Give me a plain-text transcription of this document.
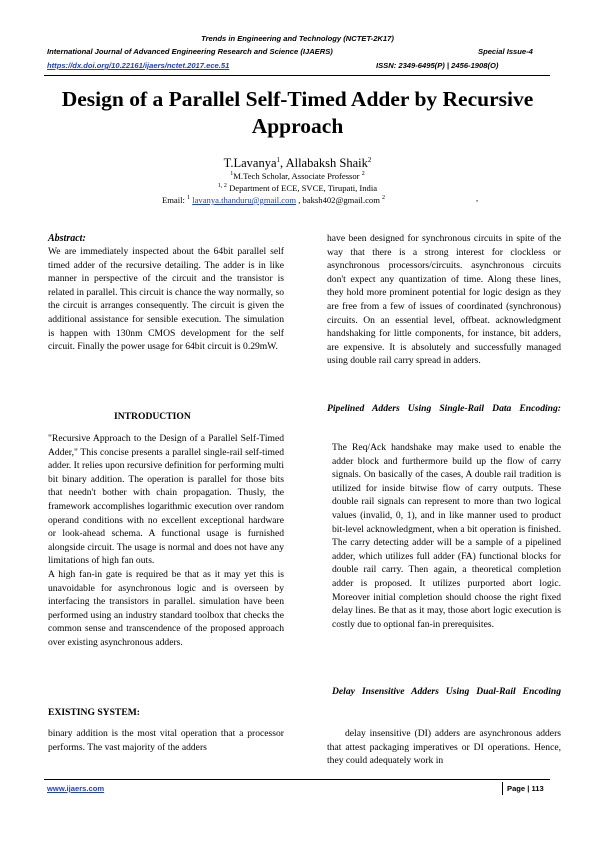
Trends in Engineering and Technology (NCTET-2K17)
International Journal of Advanced Engineering Research and Science (IJAERS)	Special Issue-4
https://dx.doi.org/10.22161/ijaers/nctet.2017.ece.51	ISSN: 2349-6495(P) | 2456-1908(O)
Design of a Parallel Self-Timed Adder by Recursive Approach
T.Lavanya$^1$, Allabaksh Shaik$^2$
$^1$M.Tech Scholar, Associate Professor $^2$
$^{1, 2}$ Department of ECE, SVCE, Tirupati, India
Email: $^1$ lavanya.thanduru@gmail.com , baksh402@gmail.com $^2$	,
Abstract:

We are immediately inspected about the 64bit parallel self timed adder of the recursive detailing. The adder is in like manner in perspective of the circuit and the transistor is related in parallel. This circuit is chance the way normally, so the circuit is arranges consequently. The circuit is given the additional assistance for sensible execution. The simulation is happen with 130nm CMOS development for the self circuit. Finally the power usage for 64bit circuit is 0.29mW.

INTRODUCTION

"Recursive Approach to the Design of a Parallel Self-Timed Adder," This concise presents a parallel single-rail self-timed adder. It relies upon recursive definition for performing multi bit binary addition. The operation is parallel for those bits that needn't bother with chain propagation. Thusly, the framework accomplishes logarithmic execution over random operand conditions with no excellent exceptional hardware or look-ahead schema. A functional usage is furnished alongside circuit. The usage is normal and does not have any limitations of high fan outs.

A high fan-in gate is required be that as it may yet this is unavoidable for asynchronous logic and is overseen by interfacing the transistors in parallel. simulation have been performed using an industry standard toolbox that checks the common sense and transcendence of the proposed approach over existing asynchronous adders.

EXISTING SYSTEM:

binary addition is the most vital operation that a processor performs. The vast majority of the adders

have been designed for synchronous circuits in spite of the way that there is a strong interest for clockless or asynchronous processors/circuits. asynchronous circuits don't expect any quantization of time. Along these lines, they hold more prominent potential for logic design as they are free from a few of issues of coordinated (synchronous) circuits. On an essential level, offbeat. acknowledgment handshaking for little components, for instance, bit adders, are expensive. It is absolutely and successfully managed using double rail carry spread in adders.

Pipelined Adders Using Single-Rail Data Encoding:

The Req/Ack handshake may make used to enable the adder block and furthermore build up the flow of carry signals. On basically of the cases, A double rail tradition is utilized for inside bitwise flow of carry outputs. These double rail signals can represent to more than two logical values (invalid, 0, 1), and in like manner used to product bit-level acknowledgment, when a bit operation is finished. The carry detecting adder will be a sample of a pipelined adder, which utilizes full adder (FA) functional blocks for double rail carry. Then again, a theoretical completion adder is proposed. It utilizes purported abort logic. Moreover initial completion should choose the right fixed delay lines. Be that as it may, those abort logic execution is costly due to optional fan-in prerequisites.

Delay Insensitive Adders Using Dual-Rail Encoding

delay insensitive (DI) adders are asynchronous adders that attest packaging imperatives or DI operations. Hence, they could adequately work in

www.ijaers.com	Page | 113
